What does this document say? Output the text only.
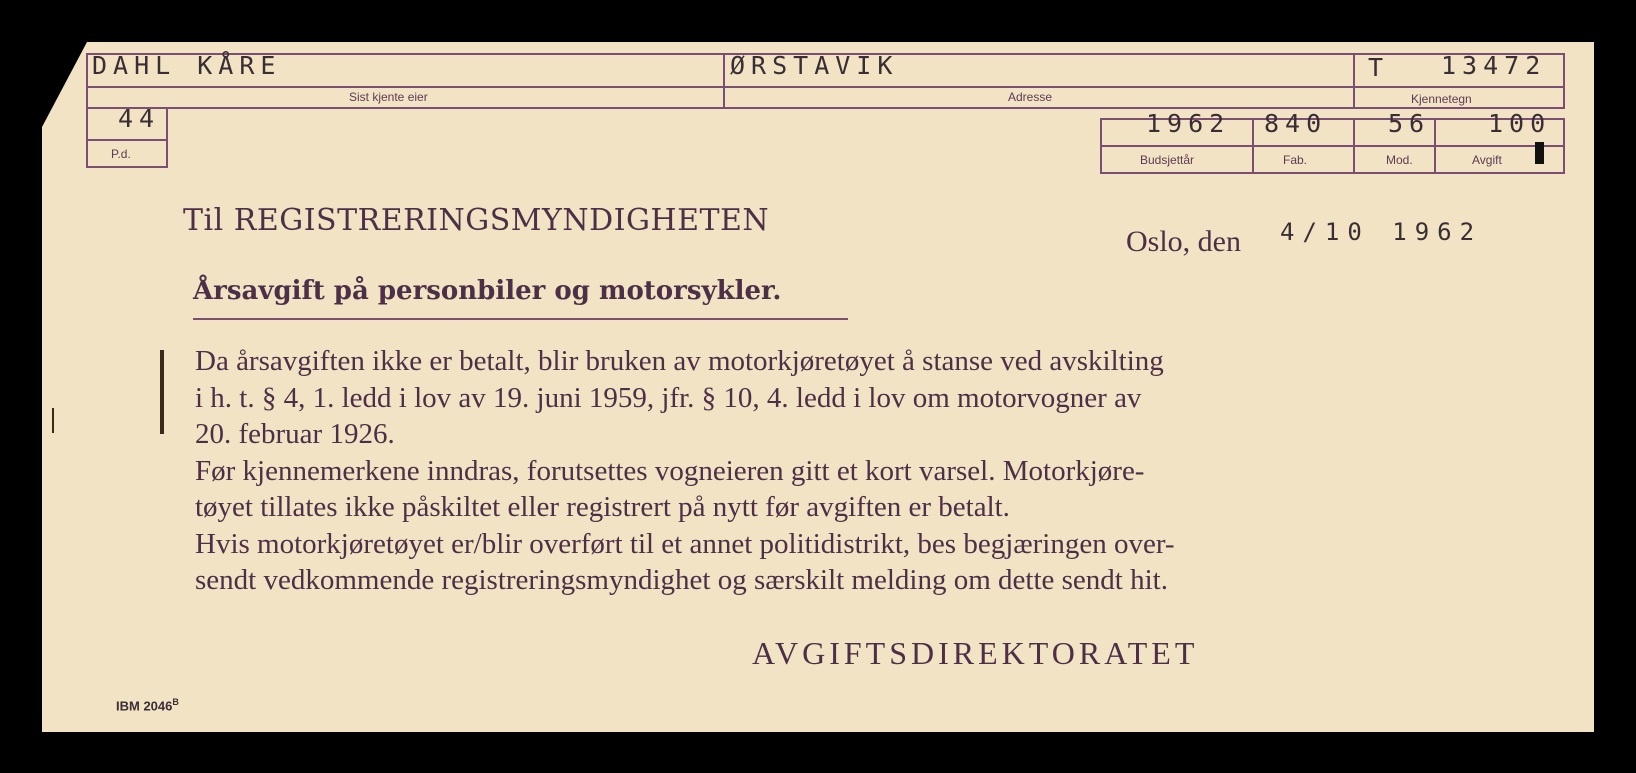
DAHL KÅRE
Sist kjente eier
ØRSTAVIK
Adresse
T 13472
Kjennetegn
44
P.d.
1962
Budsjettår
840
Fab.
56
Mod.
100
Avgift
Til REGISTRERINGSMYNDIGHETEN
Oslo, den 4/10 1962
Årsavgift på personbiler og motorsykler.
Da årsavgiften ikke er betalt, blir bruken av motorkjøretøyet å stanse ved avskilting
i h. t. § 4, 1. ledd i lov av 19. juni 1959, jfr. § 10, 4. ledd i lov om motorvogner av
20. februar 1926.
Før kjennemerkene inndras, forutsettes vogneieren gitt et kort varsel. Motorkjøre-
tøyet tillates ikke påskiltet eller registrert på nytt før avgiften er betalt.
Hvis motorkjøretøyet er/blir overført til et annet politidistrikt, bes begjæringen over-
sendt vedkommende registreringsmyndighet og særskilt melding om dette sendt hit.
AVGIFTSDIREKTORATET
IBM $2046^B$
